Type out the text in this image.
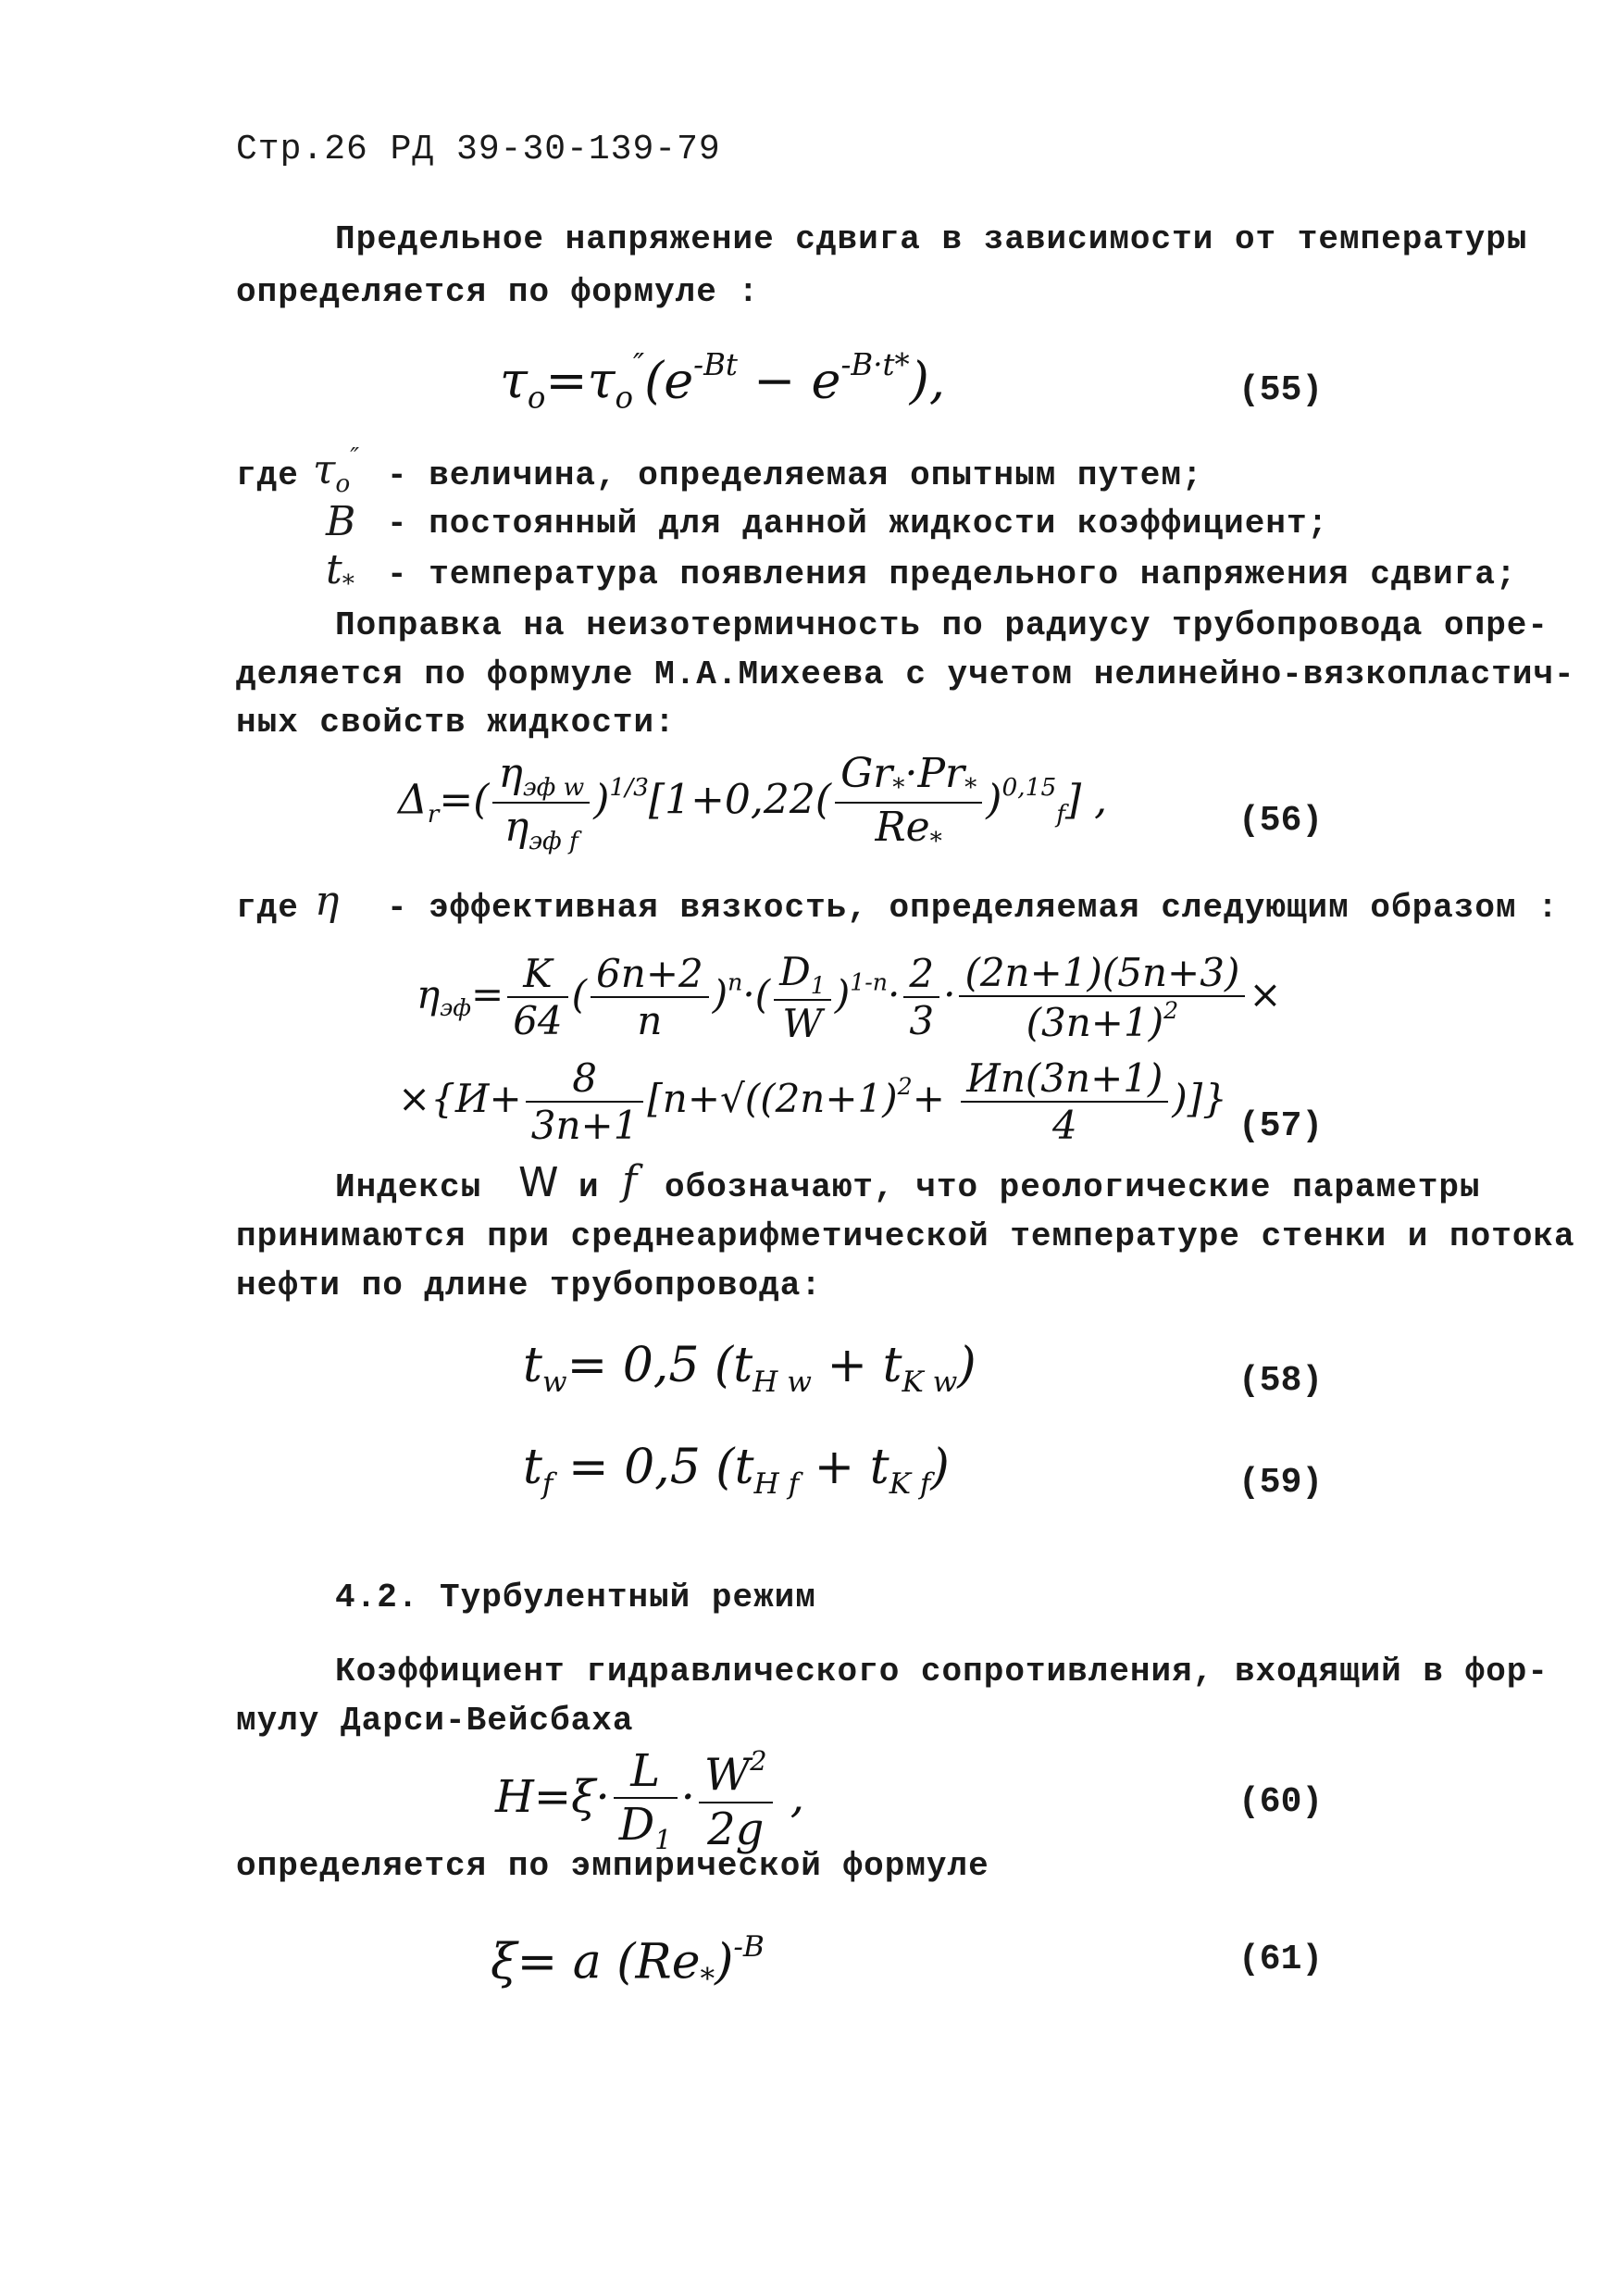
Стр.26 РД 39-30-139-79
Предельное напряжение сдвига в зависимости от температуры
определяется по формуле :
$\tau_o=\tau_o''(e^{-Bt} - e^{-B\cdot t*})$,	(55)
где $\tau_o''$ - величина, определяемая опытным путем;
B - постоянный для данной жидкости коэффициент;
$t_*$ - температура появления предельного напряжения сдвига;
Поправка на неизотермичность по радиусу трубопровода опре-
деляется по формуле М.А.Михеева с учетом нелинейно-вязкопластич-
ных свойств жидкости:
$\Delta_r=( \frac{\eta_{эф w}}{\eta_{эф f}} )^{1/3}[1+0,22( \frac{Gr_*\cdot Pr_*}{Re_*} )^{0,15}_f]$ ,	(56)
где η - эффективная вязкость, определяемая следующим образом :
$\eta_{эф}= \frac{K}{64}$ ( $\frac{6n+2}{n} )^n\cdot( \frac{D_1}{W} )^{1-n}\cdot \frac{2}{3} \cdot \frac{(2n+1)(5n+3)}{(3n+1)^2}$ ×
$\times\{И+ \frac{8}{3n+1} [n+√((2n+1)^2+ \frac{Иn(3n+1)}{4}$ )]}
(57)
Индексы W и f обозначают, что реологические параметры
принимаются при среднеарифметической температуре стенки и потока
нефти по длине трубопровода:
$t_w= 0,5$ $(t_{H w} + t_{K w})$	(58)
$t_f = 0,5$ $(t_{H f} + t_{K f})$	(59)
4.2. Турбулентный режим
Коэффициент гидравлического сопротивления, входящий в фор-
мулу Дарси-Вейсбаха
$H=\xi\cdot \frac{L}{D_1} \cdot \frac{W^2}{2g}$ ,	(60)
определяется по эмпирической формуле
ξ= a $(Re_*)^{-B}$	(61)
